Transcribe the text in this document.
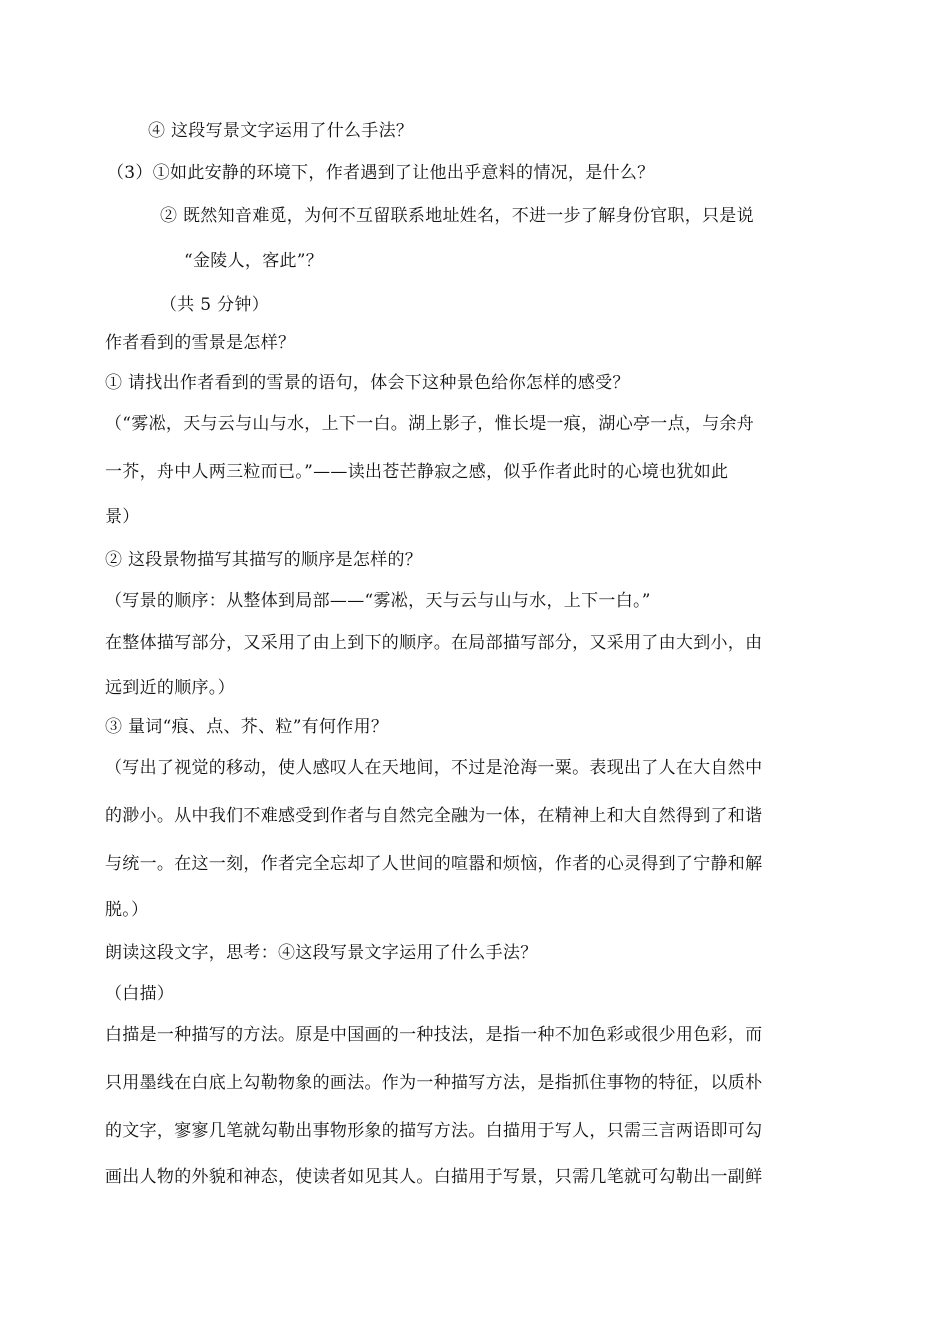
④ 这段写景文字运用了什么手法？
（3）①如此安静的环境下，作者遇到了让他出乎意料的情况，是什么？
② 既然知音难觅，为何不互留联系地址姓名，不进一步了解身份官职，只是说
“金陵人，客此”？
（共 5 分钟）
作者看到的雪景是怎样？
① 请找出作者看到的雪景的语句，体会下这种景色给你怎样的感受？
（“雾凇，天与云与山与水，上下一白。湖上影子，惟长堤一痕，湖心亭一点，与余舟
一芥，舟中人两三粒而已。”——读出苍芒静寂之感，似乎作者此时的心境也犹如此
景）
② 这段景物描写其描写的顺序是怎样的？
（写景的顺序：从整体到局部——“雾凇，天与云与山与水，上下一白。”
在整体描写部分，又采用了由上到下的顺序。在局部描写部分，又采用了由大到小，由
远到近的顺序。）
③ 量词“痕、点、芥、粒”有何作用？
（写出了视觉的移动，使人感叹人在天地间，不过是沧海一粟。表现出了人在大自然中
的渺小。从中我们不难感受到作者与自然完全融为一体，在精神上和大自然得到了和谐
与统一。在这一刻，作者完全忘却了人世间的喧嚣和烦恼，作者的心灵得到了宁静和解
脱。）
朗读这段文字，思考：④这段写景文字运用了什么手法？
（白描）
白描是一种描写的方法。原是中国画的一种技法，是指一种不加色彩或很少用色彩，而
只用墨线在白底上勾勒物象的画法。作为一种描写方法，是指抓住事物的特征，以质朴
的文字，寥寥几笔就勾勒出事物形象的描写方法。白描用于写人，只需三言两语即可勾
画出人物的外貌和神态，使读者如见其人。白描用于写景，只需几笔就可勾勒出一副鲜
